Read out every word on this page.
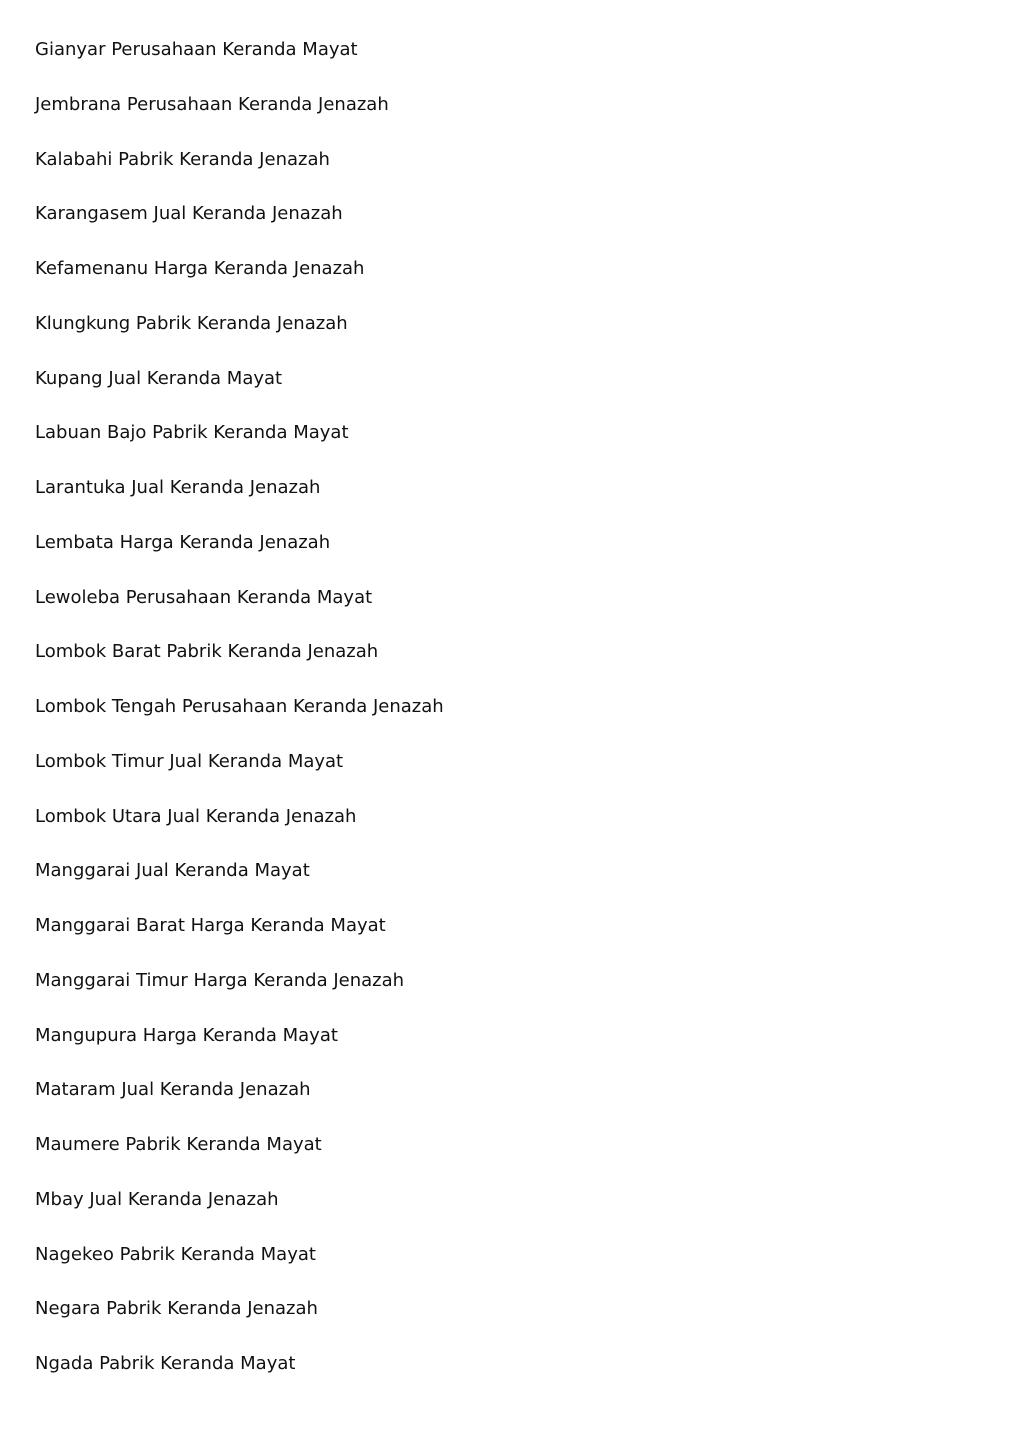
Gianyar Perusahaan Keranda Mayat
Jembrana Perusahaan Keranda Jenazah
Kalabahi Pabrik Keranda Jenazah
Karangasem Jual Keranda Jenazah
Kefamenanu Harga Keranda Jenazah
Klungkung Pabrik Keranda Jenazah
Kupang Jual Keranda Mayat
Labuan Bajo Pabrik Keranda Mayat
Larantuka Jual Keranda Jenazah
Lembata Harga Keranda Jenazah
Lewoleba Perusahaan Keranda Mayat
Lombok Barat Pabrik Keranda Jenazah
Lombok Tengah Perusahaan Keranda Jenazah
Lombok Timur Jual Keranda Mayat
Lombok Utara Jual Keranda Jenazah
Manggarai Jual Keranda Mayat
Manggarai Barat Harga Keranda Mayat
Manggarai Timur Harga Keranda Jenazah
Mangupura Harga Keranda Mayat
Mataram Jual Keranda Jenazah
Maumere Pabrik Keranda Mayat
Mbay Jual Keranda Jenazah
Nagekeo Pabrik Keranda Mayat
Negara Pabrik Keranda Jenazah
Ngada Pabrik Keranda Mayat
